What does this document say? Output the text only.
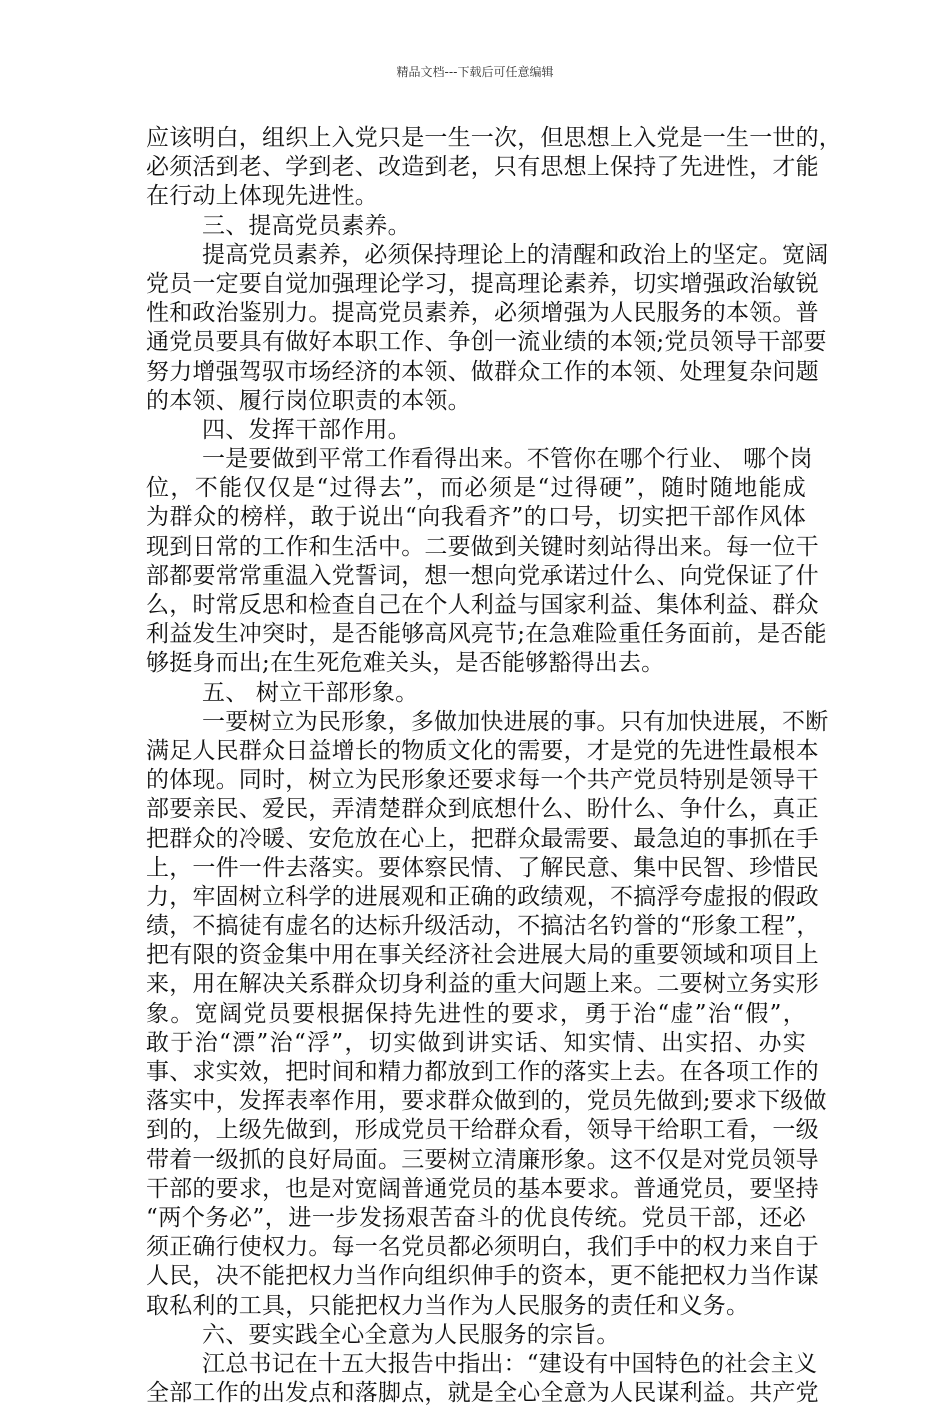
精品文档---下载后可任意编辑
应该明白，组织上入党只是一生一次，但思想上入党是一生一世的，
必须活到老、学到老、改造到老，只有思想上保持了先进性，才能
在行动上体现先进性。
三、提高党员素养。
提高党员素养，必须保持理论上的清醒和政治上的坚定。宽阔
党员一定要自觉加强理论学习，提高理论素养，切实增强政治敏锐
性和政治鉴别力。提高党员素养，必须增强为人民服务的本领。普
通党员要具有做好本职工作、争创一流业绩的本领;党员领导干部要
努力增强驾驭市场经济的本领、做群众工作的本领、处理复杂问题
的本领、履行岗位职责的本领。
四、发挥干部作用。
一是要做到平常工作看得出来。不管你在哪个行业、 哪个岗
位，不能仅仅是“过得去”，而必须是“过得硬”，随时随地能成
为群众的榜样，敢于说出“向我看齐”的口号，切实把干部作风体
现到日常的工作和生活中。二要做到关键时刻站得出来。每一位干
部都要常常重温入党誓词，想一想向党承诺过什么、向党保证了什
么，时常反思和检查自己在个人利益与国家利益、集体利益、群众
利益发生冲突时，是否能够高风亮节;在急难险重任务面前，是否能
够挺身而出;在生死危难关头，是否能够豁得出去。
五、 树立干部形象。
一要树立为民形象，多做加快进展的事。只有加快进展，不断
满足人民群众日益增长的物质文化的需要，才是党的先进性最根本
的体现。同时，树立为民形象还要求每一个共产党员特别是领导干
部要亲民、爱民，弄清楚群众到底想什么、盼什么、争什么，真正
把群众的冷暖、安危放在心上，把群众最需要、最急迫的事抓在手
上，一件一件去落实。要体察民情、了解民意、集中民智、珍惜民
力，牢固树立科学的进展观和正确的政绩观，不搞浮夸虚报的假政
绩，不搞徒有虚名的达标升级活动，不搞沽名钓誉的“形象工程”，
把有限的资金集中用在事关经济社会进展大局的重要领域和项目上
来，用在解决关系群众切身利益的重大问题上来。二要树立务实形
象。宽阔党员要根据保持先进性的要求，勇于治“虚”治“假”，
敢于治“漂”治“浮”，切实做到讲实话、知实情、出实招、办实
事、求实效，把时间和精力都放到工作的落实上去。在各项工作的
落实中，发挥表率作用，要求群众做到的，党员先做到;要求下级做
到的，上级先做到，形成党员干给群众看，领导干给职工看，一级
带着一级抓的良好局面。三要树立清廉形象。这不仅是对党员领导
干部的要求，也是对宽阔普通党员的基本要求。普通党员，要坚持
“两个务必”，进一步发扬艰苦奋斗的优良传统。党员干部，还必
须正确行使权力。每一名党员都必须明白，我们手中的权力来自于
人民，决不能把权力当作向组织伸手的资本，更不能把权力当作谋
取私利的工具，只能把权力当作为人民服务的责任和义务。
六、要实践全心全意为人民服务的宗旨。
江总书记在十五大报告中指出：“建设有中国特色的社会主义
全部工作的出发点和落脚点，就是全心全意为人民谋利益。共产党
